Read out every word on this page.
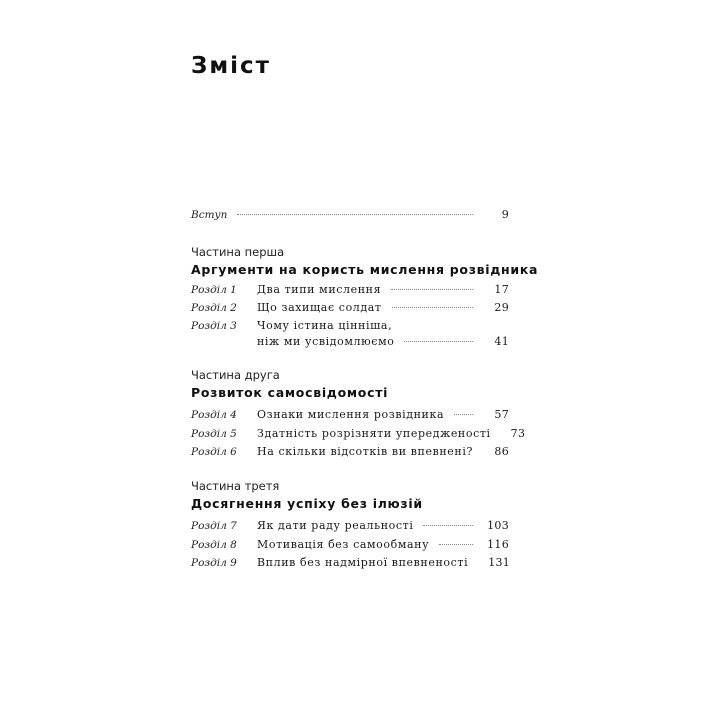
Зміст
Вступ	9
Частина перша
Аргументи на користь мислення розвідника
Розділ 1 Два типи мислення	17
Розділ 2 Що захищає солдат	29
Розділ 3 Чому істина цінніша,
ніж ми усвідомлюємо	41
Частина друга
Розвиток самосвідомості
Розділ 4 Ознаки мислення розвідника	57
Розділ 5 Здатність розрізняти упередженості 73
Розділ 6 На скільки відсотків ви впевнені? 86
Частина третя
Досягнення успіху без ілюзій
Розділ 7 Як дати раду реальності	103
Розділ 8 Мотивація без самообману	116
Розділ 9 Вплив без надмірної впевненості 131
